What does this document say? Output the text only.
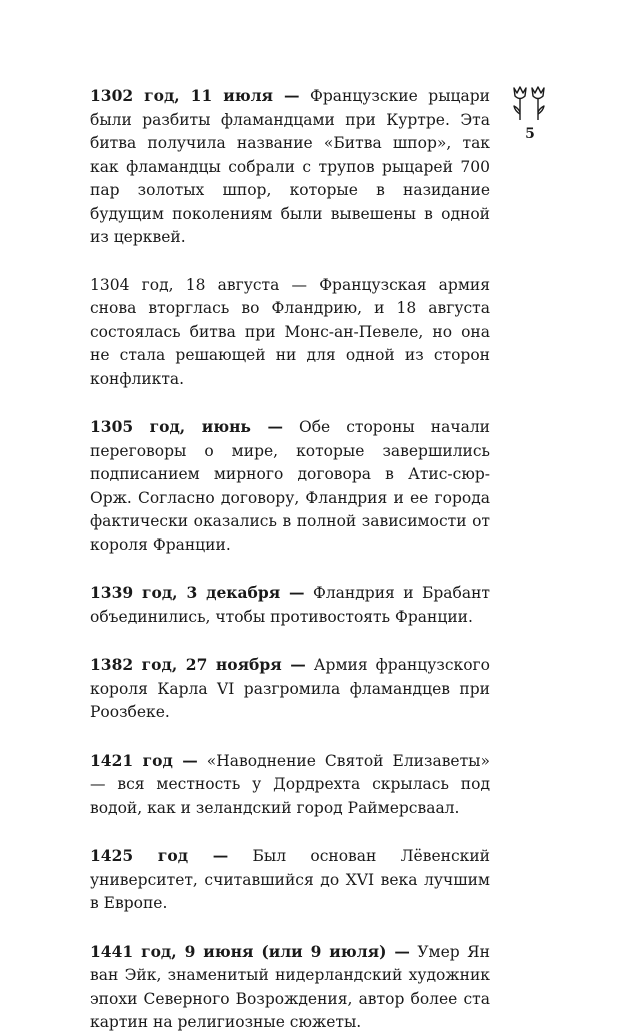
5

1302 год, 11 июля — Французские рыцари были разбиты фламандцами при Куртре. Эта битва получила название «Битва шпор», так как фламандцы собрали с трупов рыцарей 700 пар золотых шпор, которые в назидание будущим поколениям были вывешены в одной из церквей.

1304 год, 18 августа — Французская армия снова вторглась во Фландрию, и 18 августа состоялась битва при Монс-ан-Певеле, но она не стала решающей ни для одной из сторон конфликта.

1305 год, июнь — Обе стороны начали переговоры о мире, которые завершились подписанием мирного договора в Атис-сюр-Орж. Согласно договору, Фландрия и ее города фактически оказались в полной зависимости от короля Франции.

1339 год, 3 декабря — Фландрия и Брабант объединились, чтобы противостоять Франции.

1382 год, 27 ноября — Армия французского короля Карла VI разгромила фламандцев при Роозбеке.

1421 год — «Наводнение Святой Елизаветы» — вся местность у Дордрехта скрылась под водой, как и зеландский город Раймерсваал.

1425 год — Был основан Лёвенский университет, считавшийся до XVI века лучшим в Европе.

1441 год, 9 июня (или 9 июля) — Умер Ян ван Эйк, знаменитый нидерландский художник эпохи Северного Возрождения, автор более ста картин на религиозные сюжеты.
